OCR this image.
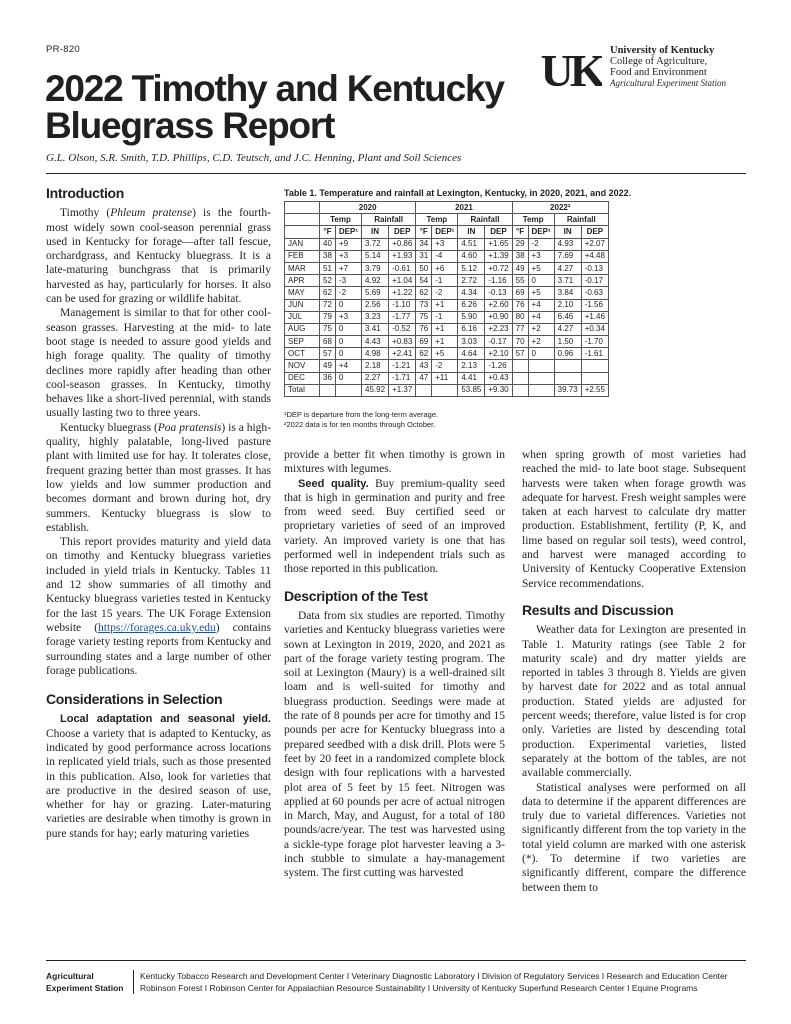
PR-820
2022 Timothy and Kentucky
Bluegrass Report
G.L. Olson, S.R. Smith, T.D. Phillips, C.D. Teutsch, and J.C. Henning, Plant and Soil Sciences
UK University of Kentucky
College of Agriculture,
Food and Environment
Agricultural Experiment Station
Introduction

Timothy (Phleum pratense) is the fourth-most widely sown cool-season perennial grass used in Kentucky for forage—after tall fescue, orchardgrass, and Kentucky bluegrass. It is a late-maturing bunchgrass that is primarily harvested as hay, particularly for horses. It also can be used for grazing or wildlife habitat.

Management is similar to that for other cool-season grasses. Harvesting at the mid- to late boot stage is needed to assure good yields and high forage quality. The quality of timothy declines more rapidly after heading than other cool-season grasses. In Kentucky, timothy behaves like a short-lived perennial, with stands usually lasting two to three years.

Kentucky bluegrass (Poa pratensis) is a high-quality, highly palatable, long-lived pasture plant with limited use for hay. It tolerates close, frequent grazing better than most grasses. It has low yields and low summer production and becomes dormant and brown during hot, dry summers. Kentucky bluegrass is slow to establish.

This report provides maturity and yield data on timothy and Kentucky bluegrass varieties included in yield trials in Kentucky. Tables 11 and 12 show summaries of all timothy and Kentucky bluegrass varieties tested in Kentucky for the last 15 years. The UK Forage Extension website (https://forages.ca.uky.edu) contains forage variety testing reports from Kentucky and surrounding states and a large number of other forage publications.

Considerations in Selection

Local adaptation and seasonal yield. Choose a variety that is adapted to Kentucky, as indicated by good performance across locations in replicated yield trials, such as those presented in this publication. Also, look for varieties that are productive in the desired season of use, whether for hay or grazing. Later-maturing varieties are desirable when timothy is grown in pure stands for hay; early maturing varieties

Table 1. Temperature and rainfall at Lexington, Kentucky, in 2020, 2021, and 2022.
	2020				2021				2022²			
	Temp		Rainfall		Temp		Rainfall		Temp		Rainfall	
	°F	DEP¹	IN	DEP	°F	DEP¹	IN	DEP	°F	DEP¹	IN	DEP
JAN	40	+9	3.72	+0.86	34	+3	4.51	+1.65	29	-2	4.93	+2.07
FEB	38	+3	5.14	+1.93	31	-4	4.60	+1.39	38	+3	7.69	+4.48
MAR	51	+7	3.79	-0.61	50	+6	5.12	+0.72	49	+5	4.27	-0.13
APR	52	-3	4.92	+1.04	54	-1	2.72	-1.16	55	0	3.71	-0.17
MAY	62	-2	5.69	+1.22	62	-2	4.34	-0.13	69	+5	3.84	-0.63
JUN	72	0	2.56	-1.10	73	+1	6.26	+2.60	76	+4	2.10	-1.56
JUL	79	+3	3.23	-1.77	75	-1	5.90	+0.90	80	+4	6.46	+1.46
AUG	75	0	3.41	-0.52	76	+1	6.16	+2.23	77	+2	4.27	+0.34
SEP	68	0	4.43	+0.83	69	+1	3.03	-0.17	70	+2	1.50	-1.70
OCT	57	0	4.98	+2.41	62	+5	4.64	+2.10	57	0	0.96	-1.61
NOV	49	+4	2.18	-1.21	43	-2	2.13	-1.26				
DEC	36	0	2.27	-1.71	47	+11	4.41	+0.43				
Total			45.92	+1.37			53.85	+9.30			39.73	+2.55
¹DEP is departure from the long-term average.
²2022 data is for ten months through October.

provide a better fit when timothy is grown in mixtures with legumes.

Seed quality. Buy premium-quality seed that is high in germination and purity and free from weed seed. Buy certified seed or proprietary varieties of seed of an improved variety. An improved variety is one that has performed well in independent trials such as those reported in this publication.

Description of the Test

Data from six studies are reported. Timothy varieties and Kentucky bluegrass varieties were sown at Lexington in 2019, 2020, and 2021 as part of the forage variety testing program. The soil at Lexington (Maury) is a well-drained silt loam and is well-suited for timothy and bluegrass production. Seedings were made at the rate of 8 pounds per acre for timothy and 15 pounds per acre for Kentucky bluegrass into a prepared seedbed with a disk drill. Plots were 5 feet by 20 feet in a randomized complete block design with four replications with a harvested plot area of 5 feet by 15 feet. Nitrogen was applied at 60 pounds per acre of actual nitrogen in March, May, and August, for a total of 180 pounds/acre/year. The test was harvested using a sickle-type forage plot harvester leaving a 3-inch stubble to simulate a hay-management system. The first cutting was harvested

when spring growth of most varieties had reached the mid- to late boot stage. Subsequent harvests were taken when forage growth was adequate for harvest. Fresh weight samples were taken at each harvest to calculate dry matter production. Establishment, fertility (P, K, and lime based on regular soil tests), weed control, and harvest were managed according to University of Kentucky Cooperative Extension Service recommendations.

Results and Discussion

Weather data for Lexington are presented in Table 1. Maturity ratings (see Table 2 for maturity scale) and dry matter yields are reported in tables 3 through 8. Yields are given by harvest date for 2022 and as total annual production. Stated yields are adjusted for percent weeds; therefore, value listed is for crop only. Varieties are listed by descending total production. Experimental varieties, listed separately at the bottom of the tables, are not available commercially.

Statistical analyses were performed on all data to determine if the apparent differences are truly due to varietal differences. Varieties not significantly different from the top variety in the total yield column are marked with one asterisk (*). To determine if two varieties are significantly different, compare the difference between them to

Agricultural
Experiment Station
Kentucky Tobacco Research and Development Center I Veterinary Diagnostic Laboratory I Division of Regulatory Services I Research and Education Center
Robinson Forest I Robinson Center for Appalachian Resource Sustainability I University of Kentucky Superfund Research Center I Equine Programs
